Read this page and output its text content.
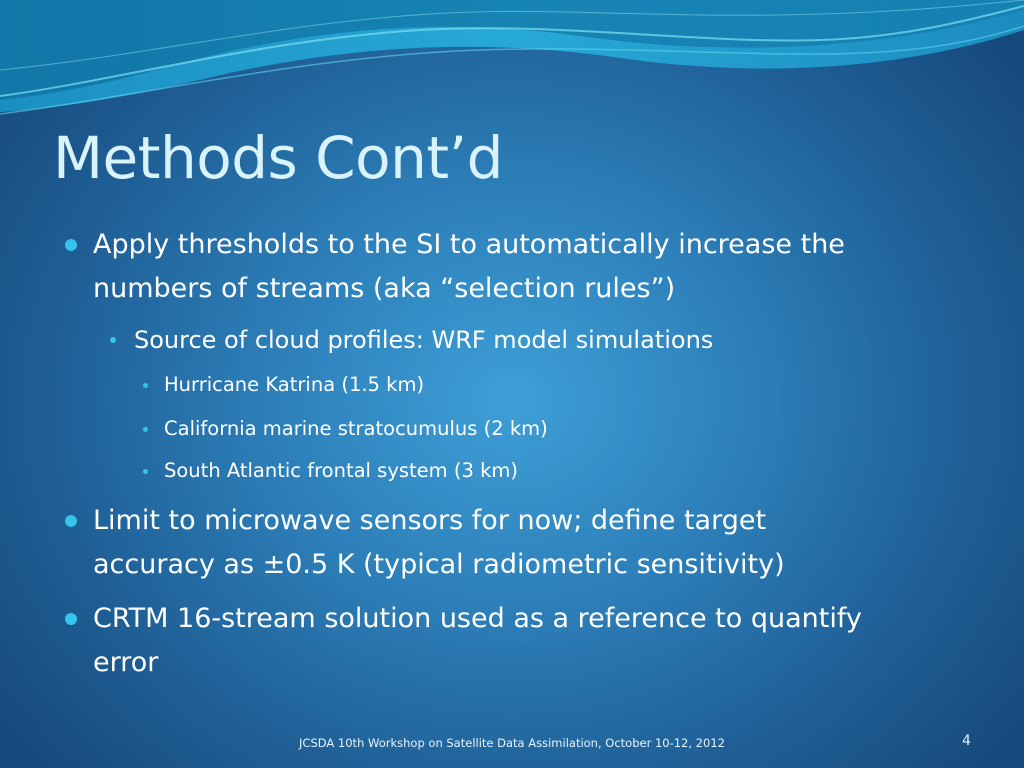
Methods Cont’d
Apply thresholds to the SI to automatically increase the
numbers of streams (aka “selection rules”)
Source of cloud profiles: WRF model simulations
Hurricane Katrina (1.5 km)
California marine stratocumulus (2 km)
South Atlantic frontal system (3 km)
Limit to microwave sensors for now; define target
accuracy as ±0.5 K (typical radiometric sensitivity)
CRTM 16-stream solution used as a reference to quantify
error
JCSDA 10th Workshop on Satellite Data Assimilation, October 10-12, 2012	4
